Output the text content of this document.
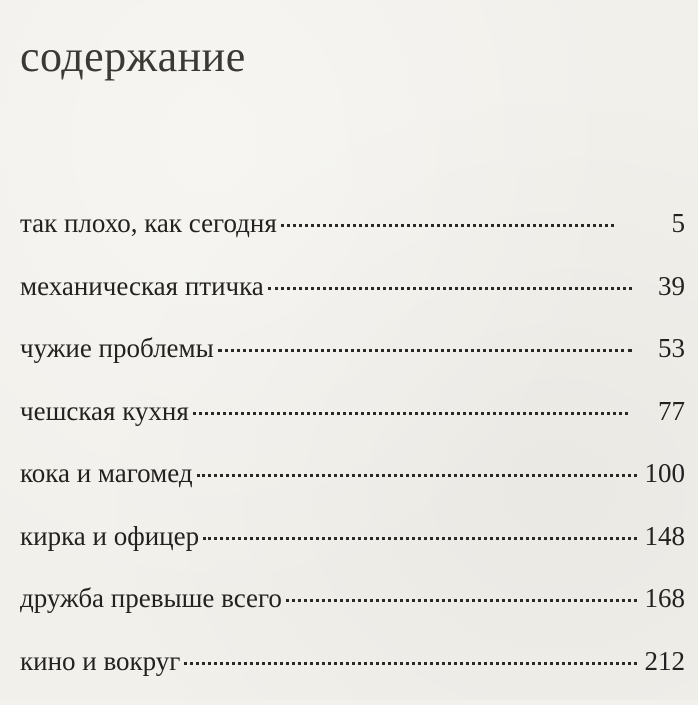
содержание
так плохо, как сегодня	5
механическая птичка	39
чужие проблемы	53
чешская кухня	77
кока и магомед	100
кирка и офицер	148
дружба превыше всего	168
кино и вокруг	212
